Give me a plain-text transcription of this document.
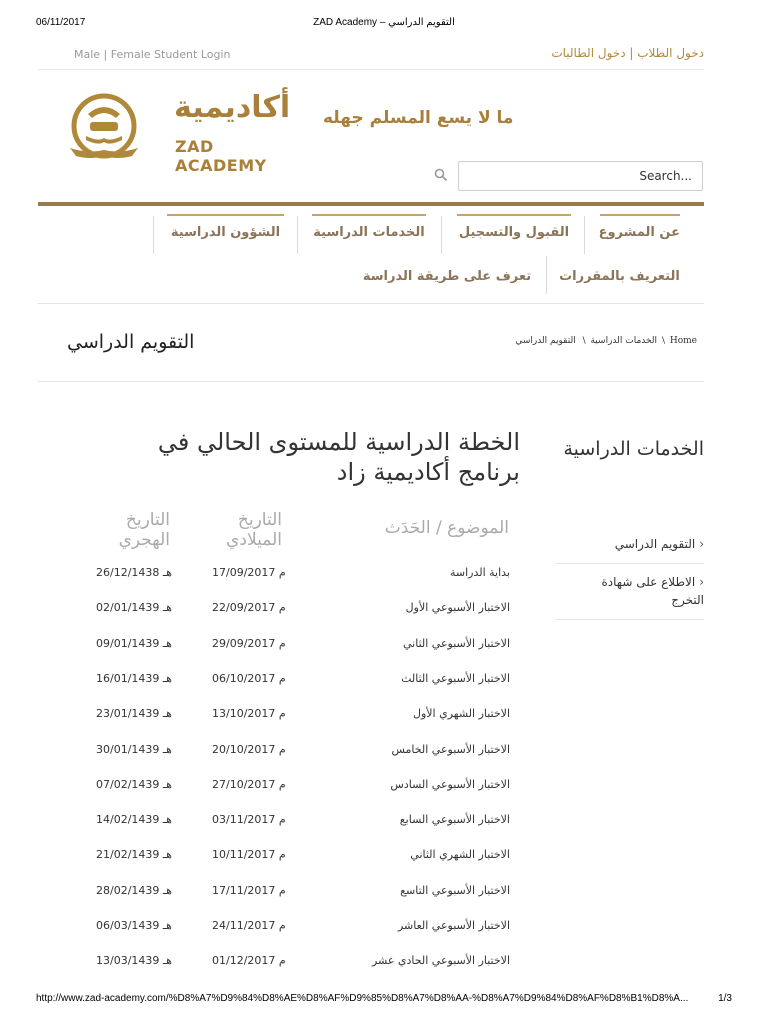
06/11/2017	ZAD Academy – التقويم الدراسي
Male | Female Student Login	دخول الطلاب | دخول الطالبات
أكاديمية
ZAD ACADEMY
ما لا يسع المسلم جهله
Search...
عن المشروع
القبول والتسجيل
الخدمات الدراسية
الشؤون الدراسية
التعريف بالمقررات
تعرف على طريقة الدراسة
التقويم الدراسي	Home \ الخدمات الدراسية \ التقويم الدراسي
الخدمات الدراسية
‹التقويم الدراسي
‹الاطلاع على شهادة التخرج
الخطة الدراسية للمستوى الحالي في برنامج أكاديمية زاد
الموضوع / الحَدَث
التاريخ الميلادي
التاريخ الهجري
هـ 26/12/1438	م 17/09/2017	بداية الدراسة
هـ 02/01/1439	م 22/09/2017	الاختبار الأسبوعي الأول
هـ 09/01/1439	م 29/09/2017	الاختبار الأسبوعي الثاني
هـ 16/01/1439	م 06/10/2017	الاختبار الأسبوعي الثالث
هـ 23/01/1439	م 13/10/2017	الاختبار الشهري الأول
هـ 30/01/1439	م 20/10/2017	الاختبار الأسبوعي الخامس
هـ 07/02/1439	م 27/10/2017	الاختبار الأسبوعي السادس
هـ 14/02/1439	م 03/11/2017	الاختبار الأسبوعي السابع
هـ 21/02/1439	م 10/11/2017	الاختبار الشهري الثاني
هـ 28/02/1439	م 17/11/2017	الاختبار الأسبوعي التاسع
هـ 06/03/1439	م 24/11/2017	الاختبار الأسبوعي العاشر
هـ 13/03/1439	م 01/12/2017	الاختبار الأسبوعي الحادي عشر
http://www.zad-academy.com/%D8%A7%D9%84%D8%AE%D8%AF%D9%85%D8%A7%D8%AA-%D8%A7%D9%84%D8%AF%D8%B1%D8%A...	1/3
